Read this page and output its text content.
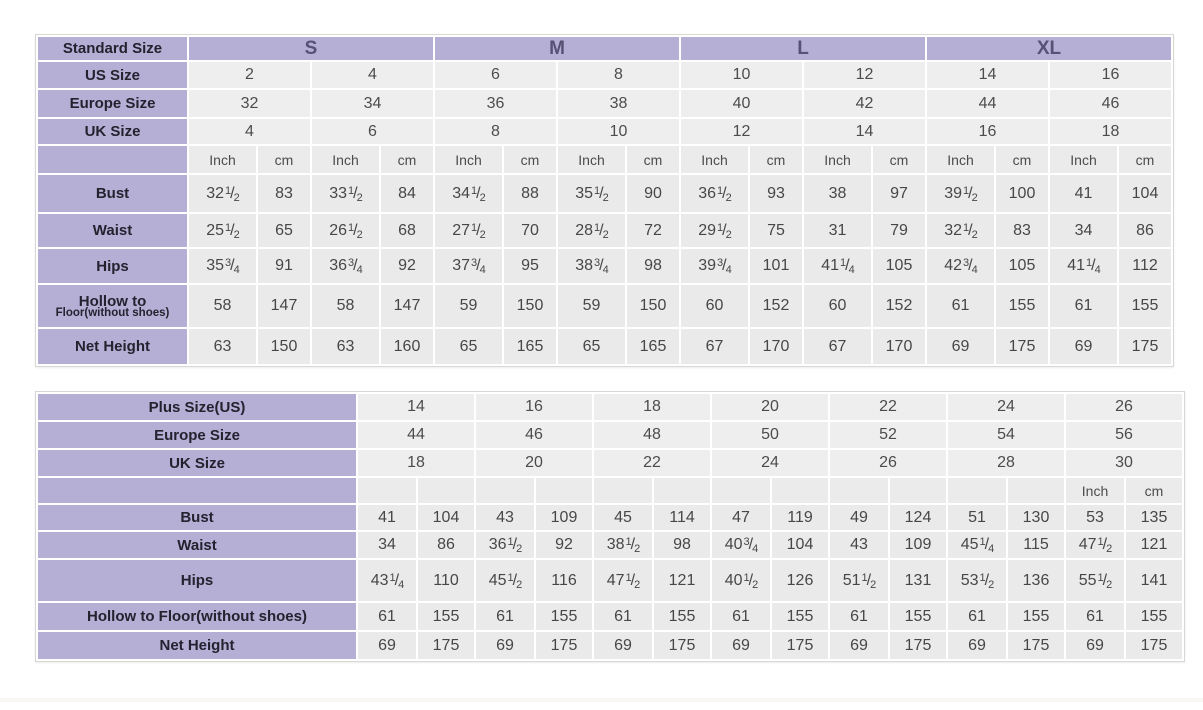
Standard Size	S				M				L				XL			
US Size	2		4		6		8		10		12		14		16	
Europe Size	32		34		36		38		40		42		44		46	
UK Size	4		6		8		10		12		14		16		18	
	Inch	cm	Inch	cm	Inch	cm	Inch	cm	Inch	cm	Inch	cm	Inch	cm	Inch	cm
Bust	$32^1/_2$	83	$33^1/_2$	84	$34^1/_2$	88	$35^1/_2$	90	$36^1/_2$	93	38	97	$39^1/_2$	100	41	104
Waist	$25^1/_2$	65	$26^1/_2$	68	$27^1/_2$	70	$28^1/_2$	72	$29^1/_2$	75	31	79	$32^1/_2$	83	34	86
Hips	$35^3/_4$	91	$36^3/_4$	92	$37^3/_4$	95	$38^3/_4$	98	$39^3/_4$	101	$41^1/_4$	105	$42^3/_4$	105	$41^1/_4$	112
Hollow to
Floor(without shoes)	58	147	58	147	59	150	59	150	60	152	60	152	61	155	61	155
Net Height	63	150	63	160	65	165	65	165	67	170	67	170	69	175	69	175
Plus Size(US)	14		16		18		20		22		24		26	
Europe Size	44		46		48		50		52		54		56	
UK Size	18		20		22		24		26		28		30	
													Inch	cm
Bust	41	104	43	109	45	114	47	119	49	124	51	130	53	135
Waist	34	86	$36^1/_2$	92	$38^1/_2$	98	$40^3/_4$	104	43	109	$45^1/_4$	115	$47^1/_2$	121
Hips	$43^1/_4$	110	$45^1/_2$	116	$47^1/_2$	121	$40^1/_2$	126	$51^1/_2$	131	$53^1/_2$	136	$55^1/_2$	141
Hollow to Floor(without shoes)	61	155	61	155	61	155	61	155	61	155	61	155	61	155
Net Height	69	175	69	175	69	175	69	175	69	175	69	175	69	175
